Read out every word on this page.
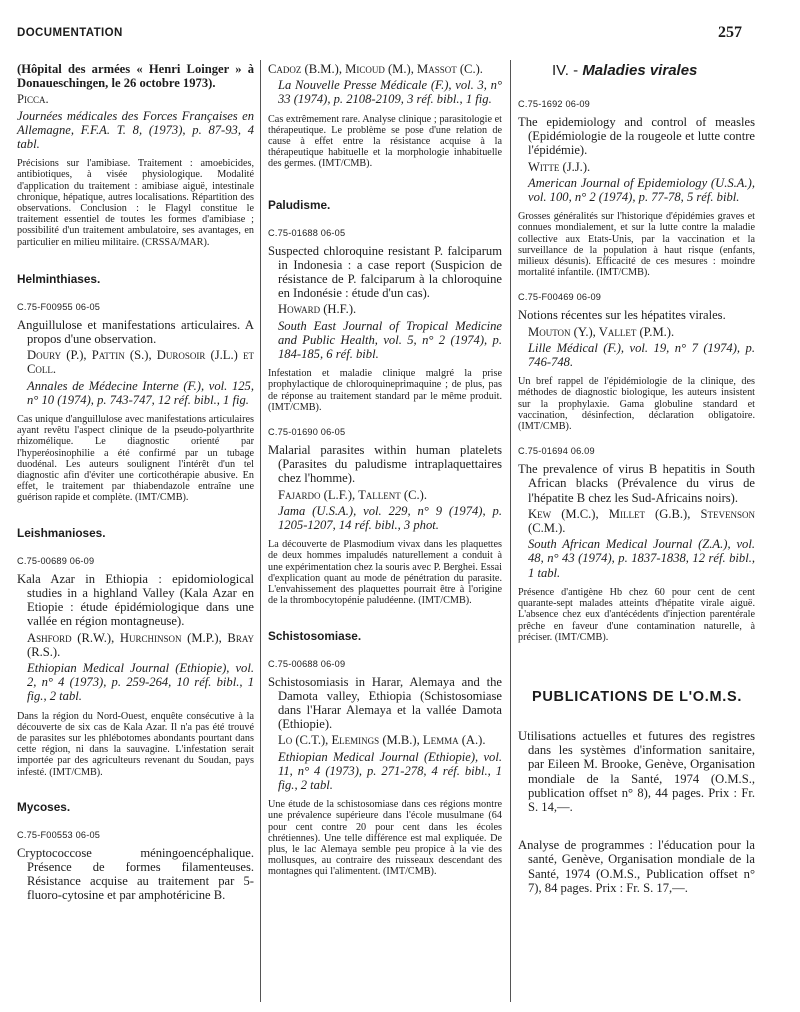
DOCUMENTATION	257

(Hôpital des armées « Henri Loinger » à Donaueschingen, le 26 octobre 1973).

Picca.

Journées médicales des Forces Françaises en Allemagne, F.F.A. T. 8, (1973), p. 87-93, 4 tabl.

Précisions sur l'amibiase. Traitement : amoebicides, antibiotiques, à visée physiologique. Modalité d'application du traitement : amibiase aiguë, intestinale chronique, hépatique, autres localisations. Répartition des observations. Conclusion : le Flagyl constitue le traitement essentiel de toutes les formes d'amibiase ; possibilité d'un traitement ambulatoire, ses avantages, en particulier en milieu militaire. (CRSSA/MAR).

Helminthiases.

C.75-F00955 06-05

Anguillulose et manifestations articulaires. A propos d'une observation.

Doury (P.), Pattin (S.), Durosoir (J.L.) et Coll.

Annales de Médecine Interne (F.), vol. 125, n° 10 (1974), p. 743-747, 12 réf. bibl., 1 fig.

Cas unique d'anguillulose avec manifestations articulaires ayant revêtu l'aspect clinique de la pseudo-polyarthrite rhizomélique. Le diagnostic orienté par l'hyperéosinophilie a été confirmé par un tubage duodénal. Les auteurs soulignent l'intérêt d'un tel diagnostic afin d'éviter une corticothérapie abusive. En effet, le traitement par thiabendazole entraîne une guérison rapide et complète. (IMT/CMB).

Leishmanioses.

C.75-00689 06-09

Kala Azar in Ethiopia : epidomiological studies in a highland Valley (Kala Azar en Etiopie : étude épidémiologique dans une vallée en région montagneuse).

Ashford (R.W.), Hurchinson (M.P.), Bray (R.S.).

Ethiopian Medical Journal (Ethiopie), vol. 2, n° 4 (1973), p. 259-264, 10 réf. bibl., 1 fig., 2 tabl.

Dans la région du Nord-Ouest, enquête consécutive à la découverte de six cas de Kala Azar. Il n'a pas été trouvé de parasites sur les phlébotomes abondants pourtant dans cette région, ni dans la sauvagine. L'infestation serait importée par des agriculteurs revenant du Soudan, pays infesté. (IMT/CMB).

Mycoses.

C.75-F00553 06-05

Cryptococcose méningoencéphalique. Présence de formes filamenteuses. Résistance acquise au traitement par 5-fluoro-cytosine et par amphotéricine B.

Cadoz (B.M.), Micoud (M.), Massot (C.).

La Nouvelle Presse Médicale (F.), vol. 3, n° 33 (1974), p. 2108-2109, 3 réf. bibl., 1 fig.

Cas extrêmement rare. Analyse clinique ; parasitologie et thérapeutique. Le problème se pose d'une relation de cause à effet entre la résistance acquise à la thérapeutique habituelle et la morphologie inhabituelle des germes. (IMT/CMB).

Paludisme.

C.75-01688 06-05

Suspected chloroquine resistant P. falciparum in Indonesia : a case report (Suspicion de résistance de P. falciparum à la chloroquine en Indonésie : étude d'un cas).

Howard (H.F.).

South East Journal of Tropical Medicine and Public Health, vol. 5, n° 2 (1974), p. 184-185, 6 réf. bibl.

Infestation et maladie clinique malgré la prise prophylactique de chloroquineprimaquine ; de plus, pas de réponse au traitement standard par le même produit. (IMT/CMB).

C.75-01690 06-05

Malarial parasites within human platelets (Parasites du paludisme intraplaquettaires chez l'homme).

Fajardo (L.F.), Tallent (C.).

Jama (U.S.A.), vol. 229, n° 9 (1974), p. 1205-1207, 14 réf. bibl., 3 phot.

La découverte de Plasmodium vivax dans les plaquettes de deux hommes impaludés naturellement a conduit à une expérimentation chez la souris avec P. Berghei. Essai d'explication quant au mode de pénétration du parasite. L'envahissement des plaquettes pourrait être à l'origine de la thrombocytopénie paludéenne. (IMT/CMB).

Schistosomiase.

C.75-00688 06-09

Schistosomiasis in Harar, Alemaya and the Damota valley, Ethiopia (Schistosomiase dans l'Harar Alemaya et la vallée Damota (Ethiopie).

Lo (C.T.), Elemings (M.B.), Lemma (A.).

Ethiopian Medical Journal (Ethiopie), vol. 11, n° 4 (1973), p. 271-278, 4 réf. bibl., 1 fig., 2 tabl.

Une étude de la schistosomiase dans ces régions montre une prévalence supérieure dans l'école musulmane (64 pour cent contre 20 pour cent dans les écoles chrétiennes). Une telle différence est mal expliquée. De plus, le lac Alemaya semble peu propice à la vie des mollusques, au contraire des ruisseaux descendant des montagnes qui l'alimentent. (IMT/CMB).

IV. - Maladies virales

C.75-1692 06-09

The epidemiology and control of measles (Epidémiologie de la rougeole et lutte contre l'épidémie).

Witte (J.J.).

American Journal of Epidemiology (U.S.A.), vol. 100, n° 2 (1974), p. 77-78, 5 réf. bibl.

Grosses généralités sur l'historique d'épidémies graves et connues mondialement, et sur la lutte contre la maladie collective aux Etats-Unis, par la vaccination et la surveillance de la population à haut risque (enfants, milieux désunis). Efficacité de ces mesures : moindre mortalité infantile. (IMT/CMB).

C.75-F00469 06-09

Notions récentes sur les hépatites virales.

Mouton (Y.), Vallet (P.M.).

Lille Médical (F.), vol. 19, n° 7 (1974), p. 746-748.

Un bref rappel de l'épidémiologie de la clinique, des méthodes de diagnostic biologique, les auteurs insistent sur la prophylaxie. Gama globuline standard et vaccination, désinfection, déclaration obligatoire. (IMT/CMB).

C.75-01694 06.09

The prevalence of virus B hepatitis in South African blacks (Prévalence du virus de l'hépatite B chez les Sud-Africains noirs).

Kew (M.C.), Millet (G.B.), Stevenson (C.M.).

South African Medical Journal (Z.A.), vol. 48, n° 43 (1974), p. 1837-1838, 12 réf. bibl., 1 tabl.

Présence d'antigène Hb chez 60 pour cent de cent quarante-sept malades atteints d'hépatite virale aiguë. L'absence chez eux d'antécédents d'injection parentérale prêche en faveur d'une contamination naturelle, à préciser. (IMT/CMB).

PUBLICATIONS DE L'O.M.S.

Utilisations actuelles et futures des registres dans les systèmes d'information sanitaire, par Eileen M. Brooke, Genève, Organisation mondiale de la Santé, 1974 (O.M.S., publication offset n° 8), 44 pages. Prix : Fr. S. 14,—.

Analyse de programmes : l'éducation pour la santé, Genève, Organisation mondiale de la Santé, 1974 (O.M.S., Publication offset n° 7), 84 pages. Prix : Fr. S. 17,—.
